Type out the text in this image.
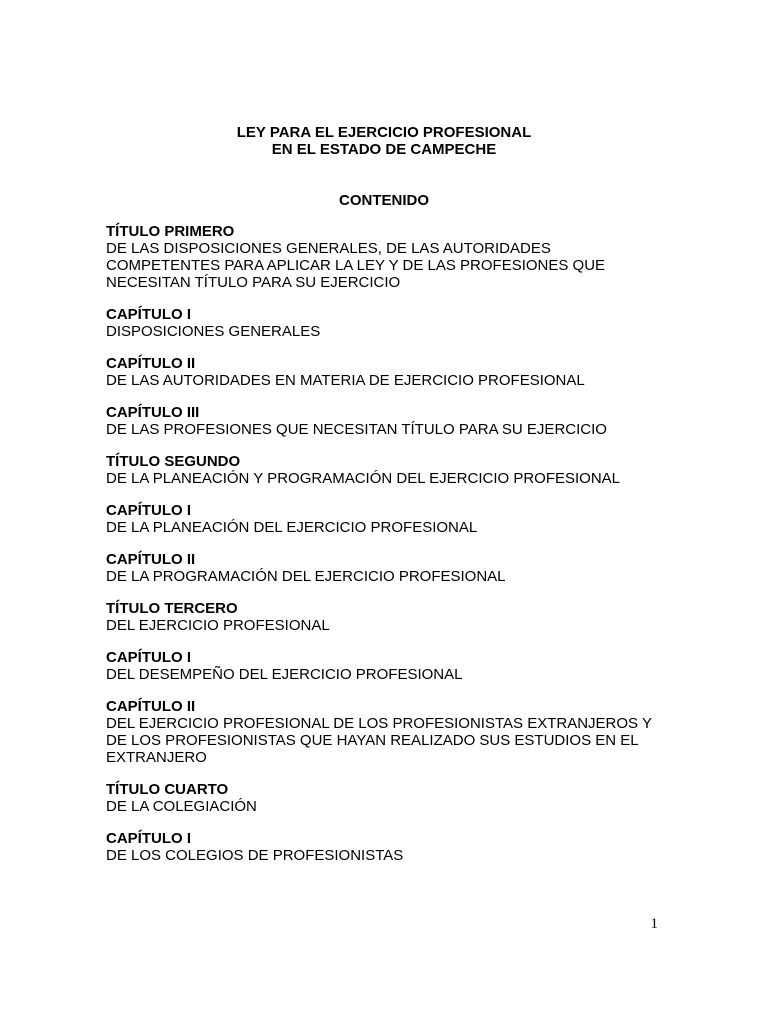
LEY PARA EL EJERCICIO PROFESIONAL
EN EL ESTADO DE CAMPECHE
CONTENIDO
TÍTULO PRIMERO
DE LAS DISPOSICIONES GENERALES, DE LAS AUTORIDADES
COMPETENTES PARA APLICAR LA LEY Y DE LAS PROFESIONES QUE
NECESITAN TÍTULO PARA SU EJERCICIO
CAPÍTULO I
DISPOSICIONES GENERALES
CAPÍTULO II
DE LAS AUTORIDADES EN MATERIA DE EJERCICIO PROFESIONAL
CAPÍTULO III
DE LAS PROFESIONES QUE NECESITAN TÍTULO PARA SU EJERCICIO
TÍTULO SEGUNDO
DE LA PLANEACIÓN Y PROGRAMACIÓN DEL EJERCICIO PROFESIONAL
CAPÍTULO I
DE LA PLANEACIÓN DEL EJERCICIO PROFESIONAL
CAPÍTULO II
DE LA PROGRAMACIÓN DEL EJERCICIO PROFESIONAL
TÍTULO TERCERO
DEL EJERCICIO PROFESIONAL
CAPÍTULO I
DEL DESEMPEÑO DEL EJERCICIO PROFESIONAL
CAPÍTULO II
DEL EJERCICIO PROFESIONAL DE LOS PROFESIONISTAS EXTRANJEROS Y
DE LOS PROFESIONISTAS QUE HAYAN REALIZADO SUS ESTUDIOS EN EL
EXTRANJERO
TÍTULO CUARTO
DE LA COLEGIACIÓN
CAPÍTULO I
DE LOS COLEGIOS DE PROFESIONISTAS
1
